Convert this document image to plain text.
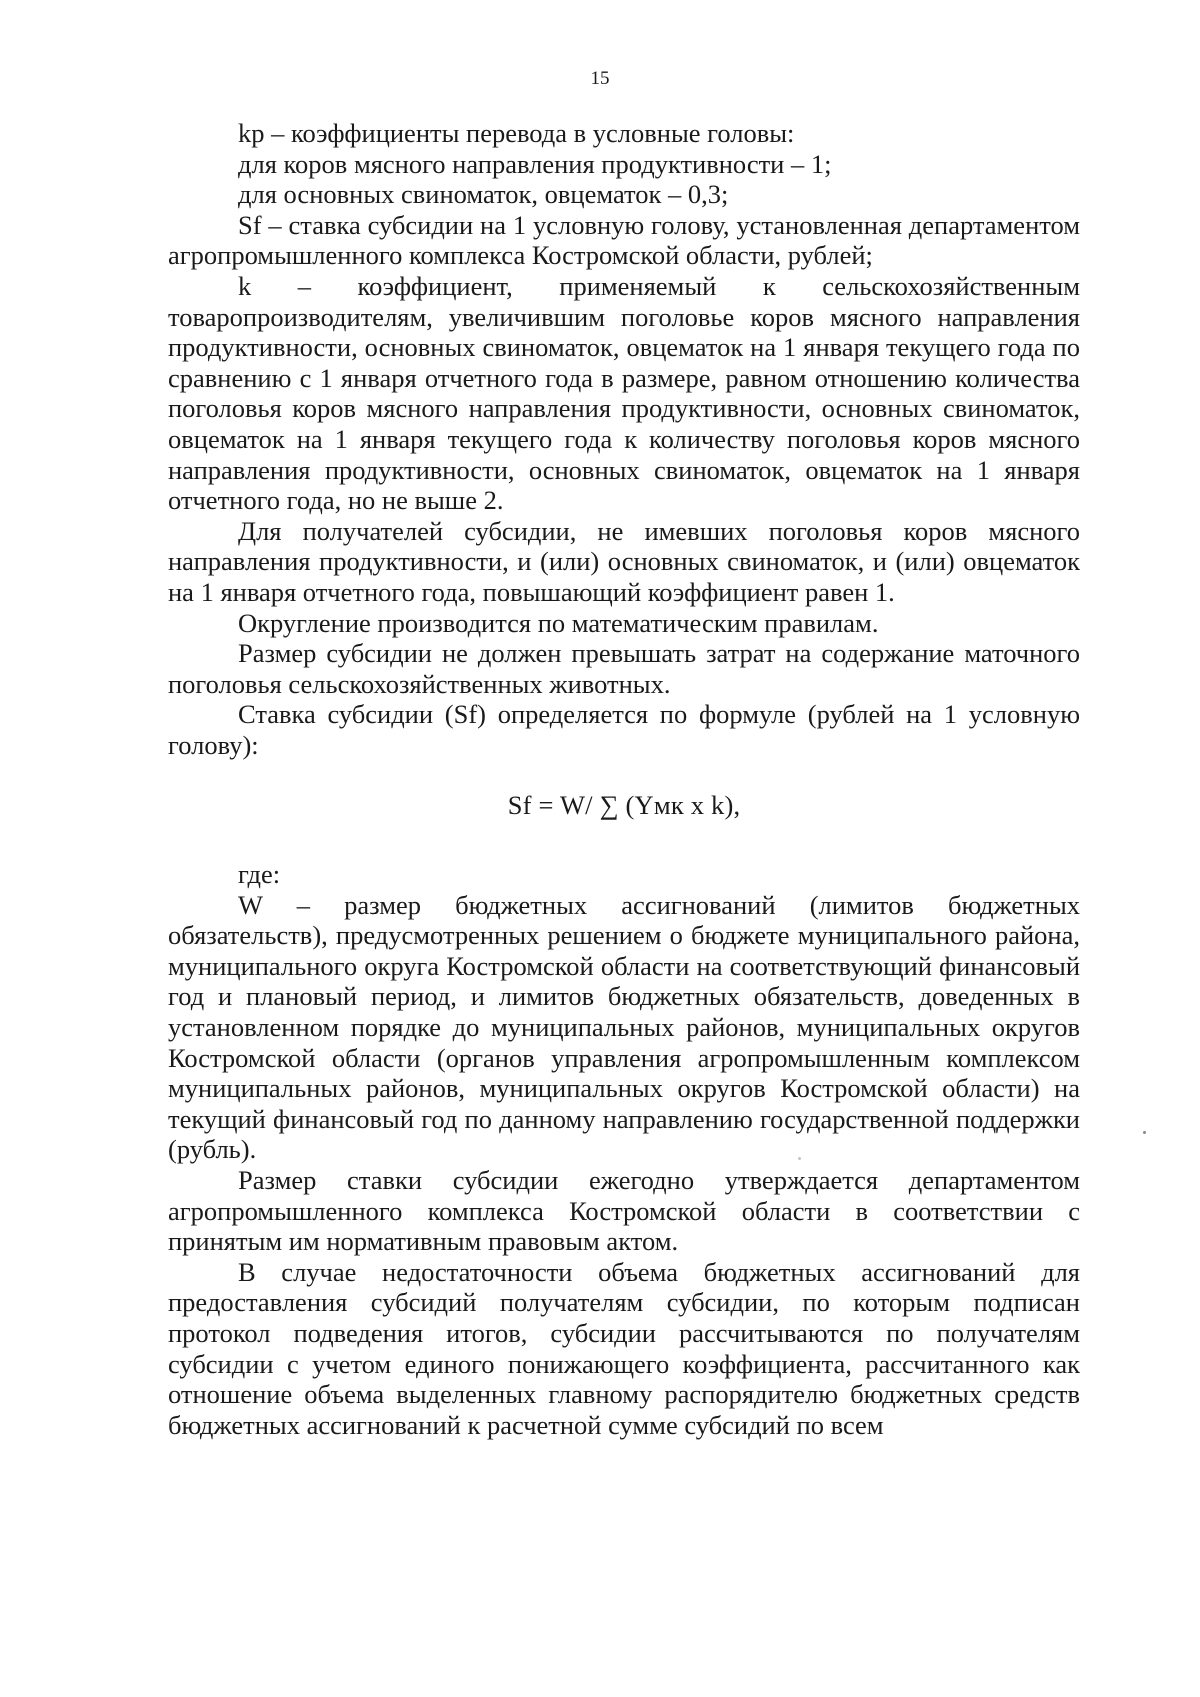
15

kp – коэффициенты перевода в условные головы:

для коров мясного направления продуктивности – 1;

для основных свиноматок, овцематок – 0,3;

Sf – ставка субсидии на 1 условную голову, установленная департаментом агропромышленного комплекса Костромской области, рублей;

k – коэффициент, применяемый к сельскохозяйственным товаропроизводителям, увеличившим поголовье коров мясного направления продуктивности, основных свиноматок, овцематок на 1 января текущего года по сравнению с 1 января отчетного года в размере, равном отношению количества поголовья коров мясного направления продуктивности, основных свиноматок, овцематок на 1 января текущего года к количеству поголовья коров мясного направления продуктивности, основных свиноматок, овцематок на 1 января отчетного года, но не выше 2.

Для получателей субсидии, не имевших поголовья коров мясного направления продуктивности, и (или) основных свиноматок, и (или) овцематок на 1 января отчетного года, повышающий коэффициент равен 1.

Округление производится по математическим правилам.

Размер субсидии не должен превышать затрат на содержание маточного поголовья сельскохозяйственных животных.

Ставка субсидии (Sf) определяется по формуле (рублей на 1 условную голову):

Sf = W/ ∑ (Yмк х k),

где:

W – размер бюджетных ассигнований (лимитов бюджетных обязательств), предусмотренных решением о бюджете муниципального района, муниципального округа Костромской области на соответствующий финансовый год и плановый период, и лимитов бюджетных обязательств, доведенных в установленном порядке до муниципальных районов, муниципальных округов Костромской области (органов управления агропромышленным комплексом муниципальных районов, муниципальных округов Костромской области) на текущий финансовый год по данному направлению государственной поддержки (рубль).

Размер ставки субсидии ежегодно утверждается департаментом агропромышленного комплекса Костромской области в соответствии с принятым им нормативным правовым актом.

В случае недостаточности объема бюджетных ассигнований для предоставления субсидий получателям субсидии, по которым подписан протокол подведения итогов, субсидии рассчитываются по получателям субсидии с учетом единого понижающего коэффициента, рассчитанного как отношение объема выделенных главному распорядителю бюджетных средств бюджетных ассигнований к расчетной сумме субсидий по всем
